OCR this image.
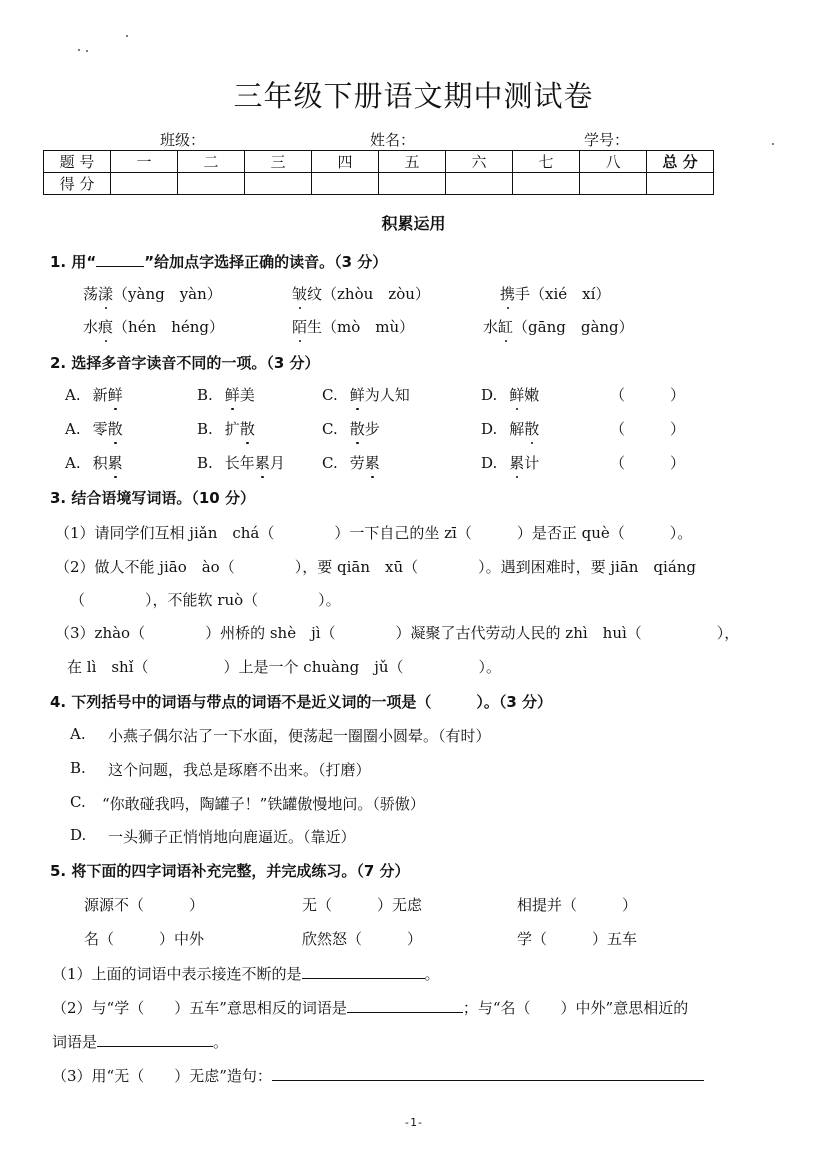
三年级下册语文期中测试卷
班级：	姓名：	学号：
题 号	一	二	三	四	五	六	七	八	总 分
得 分									
积累运用
1. 用“	”给加点字选择正确的读音。（3 分）
荡漾（yàng　yàn）	皱纹（zhòu　zòu）	携手（xié　xí）
水痕（hén　héng）	陌生（mò　mù）	水缸（gāng　gàng）
2. 选择多音字读音不同的一项。（3 分）
A. 新鲜	B. 鲜美	C. 鲜为人知	D. 鲜嫩	（　　　）
A. 零散	B. 扩散	C. 散步	D. 解散	（　　　）
A. 积累	B. 长年累月 C. 劳累	D. 累计	（　　　）
3. 结合语境写词语。（10 分）
（1）请同学们互相 jiǎn　chá（　　　　）一下自己的坐 zī（　　　）是否正 què（　　　）。
（2）做人不能 jiāo　ào（　　　　），要 qiān　xū（　　　　）。遇到困难时，要 jiān　qiáng
（　　　　），不能软 ruò（　　　　）。
（3）zhào（　　　　）州桥的 shè　jì（　　　　）凝聚了古代劳动人民的 zhì　huì（　　　　　），
在 lì　shǐ（　　　　　）上是一个 chuàng　jǔ（　　　　　）。
4. 下列括号中的词语与带点的词语不是近义词的一项是（　　　）。（3 分）
A. 小燕子偶尔沾了一下水面，便荡起一圈圈小圆晕。（有时）
B. 这个问题，我总是琢磨不出来。（打磨）
C. “你敢碰我吗，陶罐子！”铁罐傲慢地问。（骄傲）
D. 一头狮子正悄悄地向鹿逼近。（靠近）
5. 将下面的四字词语补充完整，并完成练习。（7 分）
源源不（　　　）	无（　　　）无虑	相提并（　　　）
名（　　　）中外	欣然怒（　　　）	学（　　　）五车
（1）上面的词语中表示接连不断的是	。
（2）与“学（　　）五车”意思相反的词语是	；与“名（　　）中外”意思相近的
词语是	。
（3）用“无（　　）无虑”造句：
-1-
